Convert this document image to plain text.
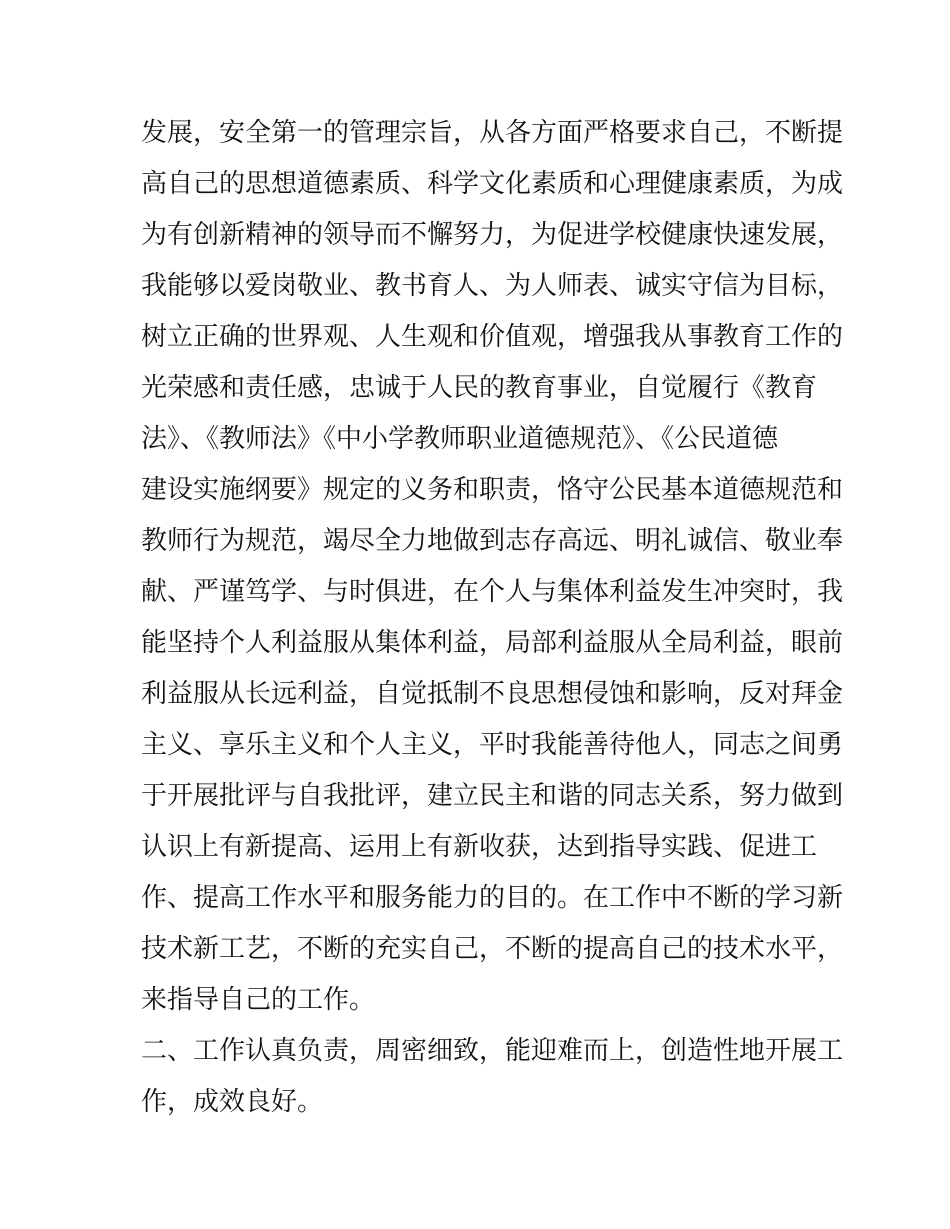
发展，安全第一的管理宗旨，从各方面严格要求自己，不断提
高自己的思想道德素质、科学文化素质和心理健康素质，为成
为有创新精神的领导而不懈努力，为促进学校健康快速发展，
我能够以爱岗敬业、教书育人、为人师表、诚实守信为目标，
树立正确的世界观、人生观和价值观，增强我从事教育工作的
光荣感和责任感，忠诚于人民的教育事业，自觉履行《教育
法》、《教师法》《中小学教师职业道德规范》、《公民道德
建设实施纲要》规定的义务和职责，恪守公民基本道德规范和
教师行为规范，竭尽全力地做到志存高远、明礼诚信、敬业奉
献、严谨笃学、与时俱进，在个人与集体利益发生冲突时，我
能坚持个人利益服从集体利益，局部利益服从全局利益，眼前
利益服从长远利益，自觉抵制不良思想侵蚀和影响，反对拜金
主义、享乐主义和个人主义，平时我能善待他人，同志之间勇
于开展批评与自我批评，建立民主和谐的同志关系，努力做到
认识上有新提高、运用上有新收获，达到指导实践、促进工
作、提高工作水平和服务能力的目的。在工作中不断的学习新
技术新工艺，不断的充实自己，不断的提高自己的技术水平，
来指导自己的工作。
二、工作认真负责，周密细致，能迎难而上，创造性地开展工
作，成效良好。
